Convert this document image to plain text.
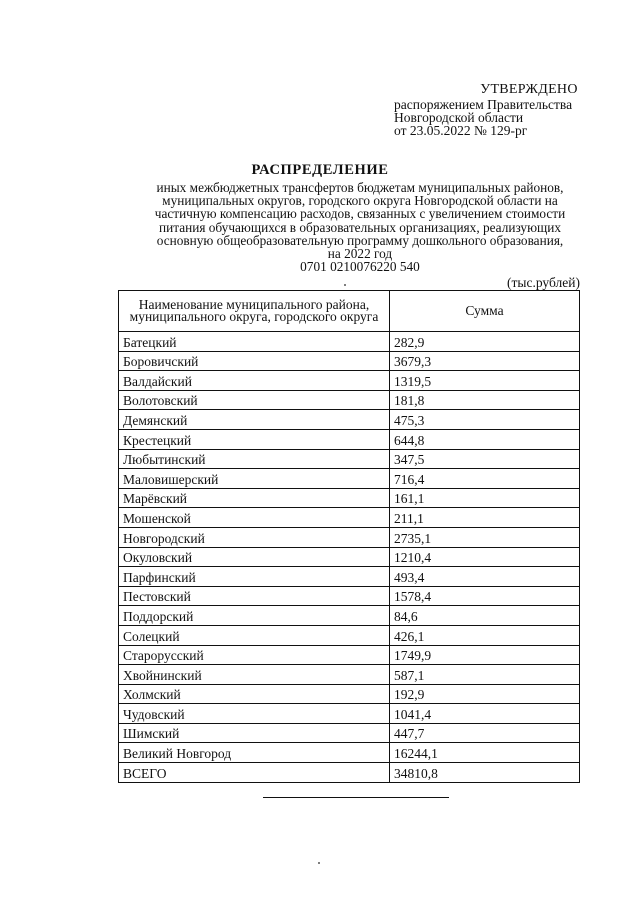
УТВЕРЖДЕНО
распоряжением Правительства
Новгородской области
от 23.05.2022 № 129-рг
РАСПРЕДЕЛЕНИЕ
иных межбюджетных трансфертов бюджетам муниципальных районов,
муниципальных округов, городского округа Новгородской области на
частичную компенсацию расходов, связанных с увеличением стоимости
питания обучающихся в образовательных организациях, реализующих
основную общеобразовательную программу дошкольного образования,
на 2022 год
0701 0210076220 540
(тыс.рублей)
Наименование муниципального района, муниципального округа, городского округа	Сумма
Батецкий	282,9
Боровичский	3679,3
Валдайский	1319,5
Волотовский	181,8
Демянский	475,3
Крестецкий	644,8
Любытинский	347,5
Маловишерский	716,4
Марёвский	161,1
Мошенской	211,1
Новгородский	2735,1
Окуловский	1210,4
Парфинский	493,4
Пестовский	1578,4
Поддорский	84,6
Солецкий	426,1
Старорусский	1749,9
Хвойнинский	587,1
Холмский	192,9
Чудовский	1041,4
Шимский	447,7
Великий Новгород	16244,1
ВСЕГО	34810,8
